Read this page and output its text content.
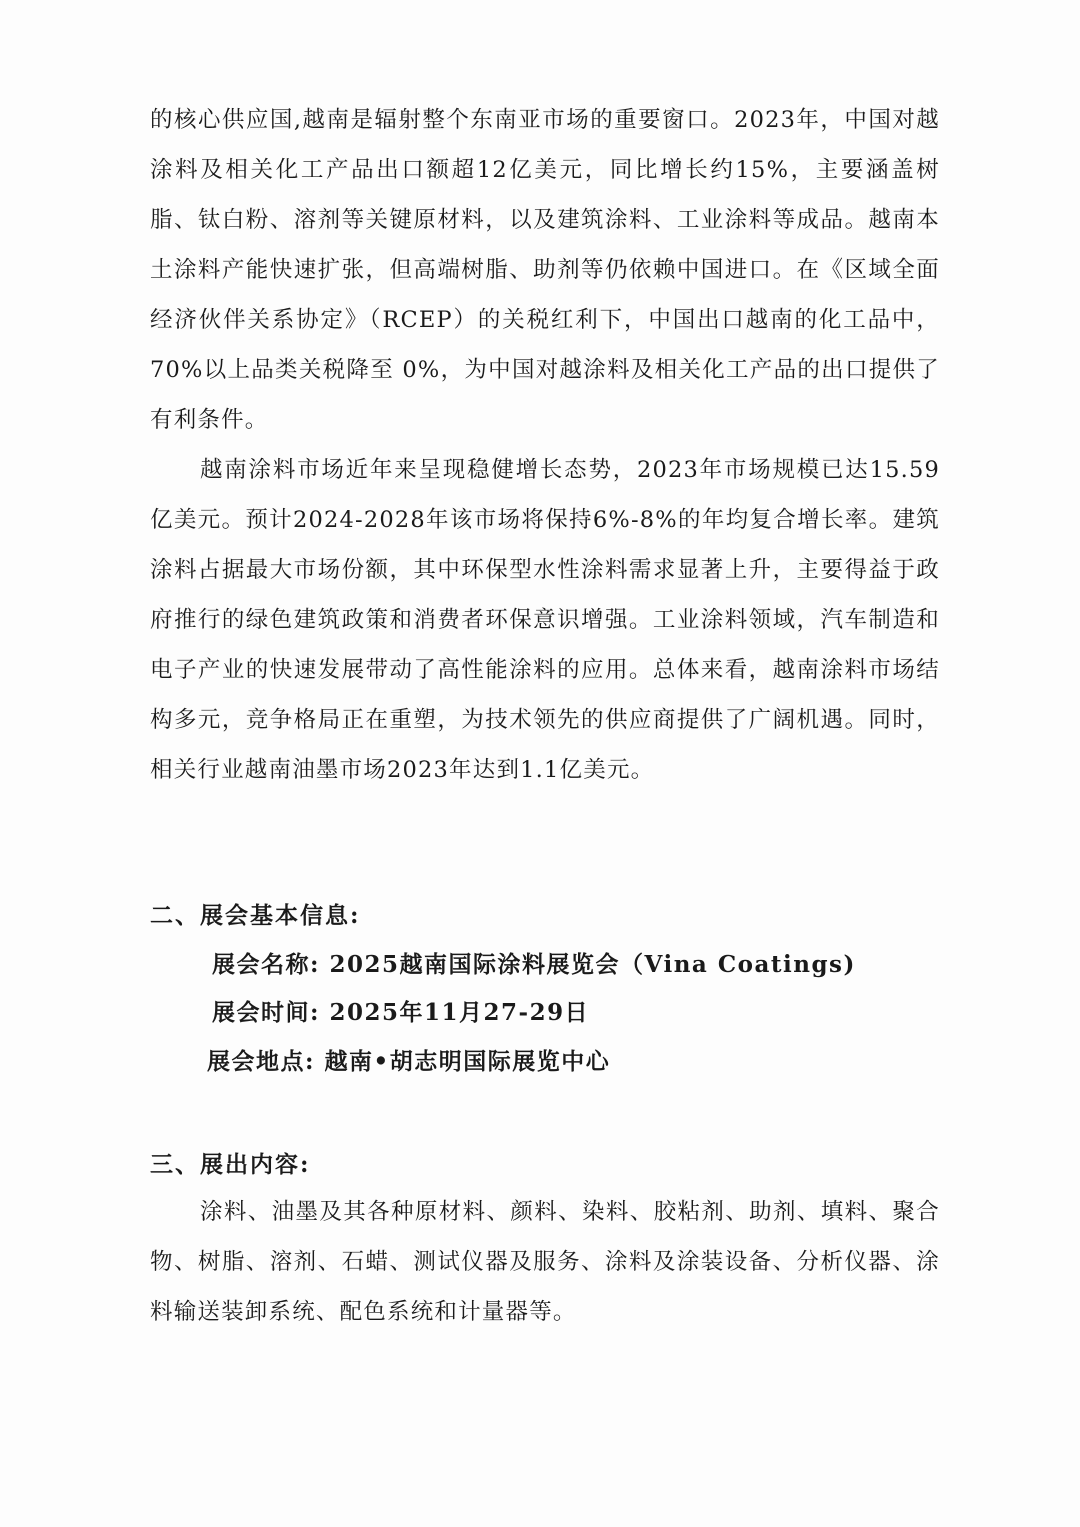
的核心供应国,越南是辐射整个东南亚市场的重要窗口。2023年，中国对越涂料及相关化工产品出口额超12亿美元，同比增长约15%，主要涵盖树脂、钛白粉、溶剂等关键原材料，以及建筑涂料、工业涂料等成品。越南本土涂料产能快速扩张，但高端树脂、助剂等仍依赖中国进口。在《区域全面经济伙伴关系协定》（RCEP）的关税红利下，中国出口越南的化工品中，70%以上品类关税降至 0%，为中国对越涂料及相关化工产品的出口提供了有利条件。

越南涂料市场近年来呈现稳健增长态势，2023年市场规模已达15.59亿美元。预计2024-2028年该市场将保持6%-8%的年均复合增长率。建筑涂料占据最大市场份额，其中环保型水性涂料需求显著上升，主要得益于政府推行的绿色建筑政策和消费者环保意识增强。工业涂料领域，汽车制造和电子产业的快速发展带动了高性能涂料的应用。总体来看，越南涂料市场结构多元，竞争格局正在重塑，为技术领先的供应商提供了广阔机遇。同时，相关行业越南油墨市场2023年达到1.1亿美元。

二、展会基本信息:
展会名称: 2025越南国际涂料展览会（Vina Coatings)
展会时间: 2025年11月27-29日
展会地点: 越南•胡志明国际展览中心
三、展出内容:

涂料、油墨及其各种原材料、颜料、染料、胶粘剂、助剂、填料、聚合物、树脂、溶剂、石蜡、测试仪器及服务、涂料及涂装设备、分析仪器、涂料输送装卸系统、配色系统和计量器等。
